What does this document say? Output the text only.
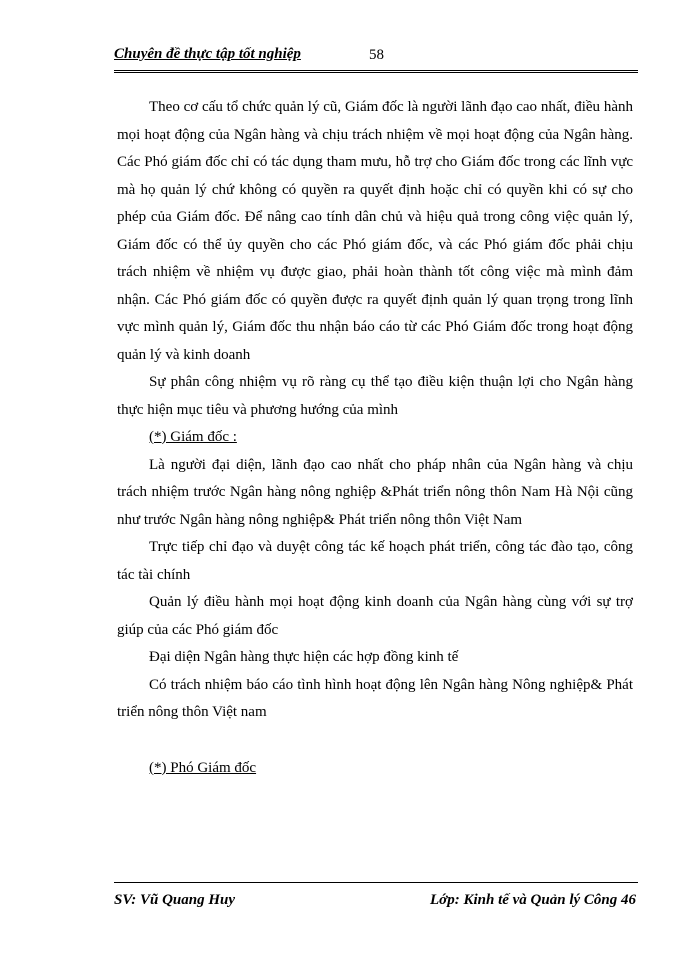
Chuyên đề thực tập tốt nghiệp	58

Theo cơ cấu tổ chức quản lý cũ, Giám đốc là người lãnh đạo cao nhất, điều hành mọi hoạt động của Ngân hàng và chịu trách nhiệm về mọi hoạt động của Ngân hàng. Các Phó giám đốc chỉ có tác dụng tham mưu, hỗ trợ cho Giám đốc trong các lĩnh vực mà họ quản lý chứ không có quyền ra quyết định hoặc chỉ có quyền khi có sự cho phép của Giám đốc. Để nâng cao tính dân chủ và hiệu quả trong công việc quản lý, Giám đốc có thể ủy quyền cho các Phó giám đốc, và các Phó giám đốc phải chịu trách nhiệm về nhiệm vụ được giao, phải hoàn thành tốt công việc mà mình đảm nhận. Các Phó giám đốc có quyền được ra quyết định quản lý quan trọng trong lĩnh vực mình quản lý, Giám đốc thu nhận báo cáo từ các Phó Giám đốc trong hoạt động quản lý và kinh doanh

Sự phân công nhiệm vụ rõ ràng cụ thể tạo điều kiện thuận lợi cho Ngân hàng thực hiện mục tiêu và phương hướng của mình

(*) Giám đốc :

Là người đại diện, lãnh đạo cao nhất cho pháp nhân của Ngân hàng và chịu trách nhiệm trước Ngân hàng nông nghiệp &Phát triển nông thôn Nam Hà Nội cũng như trước Ngân hàng nông nghiệp& Phát triển nông thôn Việt Nam

Trực tiếp chỉ đạo và duyệt công tác kế hoạch phát triển, công tác đào tạo, công tác tài chính

Quản lý điều hành mọi hoạt động kinh doanh của Ngân hàng cùng với sự trợ giúp của các Phó giám đốc

Đại diện Ngân hàng thực hiện các hợp đồng kinh tế

Có trách nhiệm báo cáo tình hình hoạt động lên Ngân hàng Nông nghiệp& Phát triển nông thôn Việt nam

(*) Phó Giám đốc

SV: Vũ Quang Huy	Lớp: Kinh tế và Quản lý Công 46
